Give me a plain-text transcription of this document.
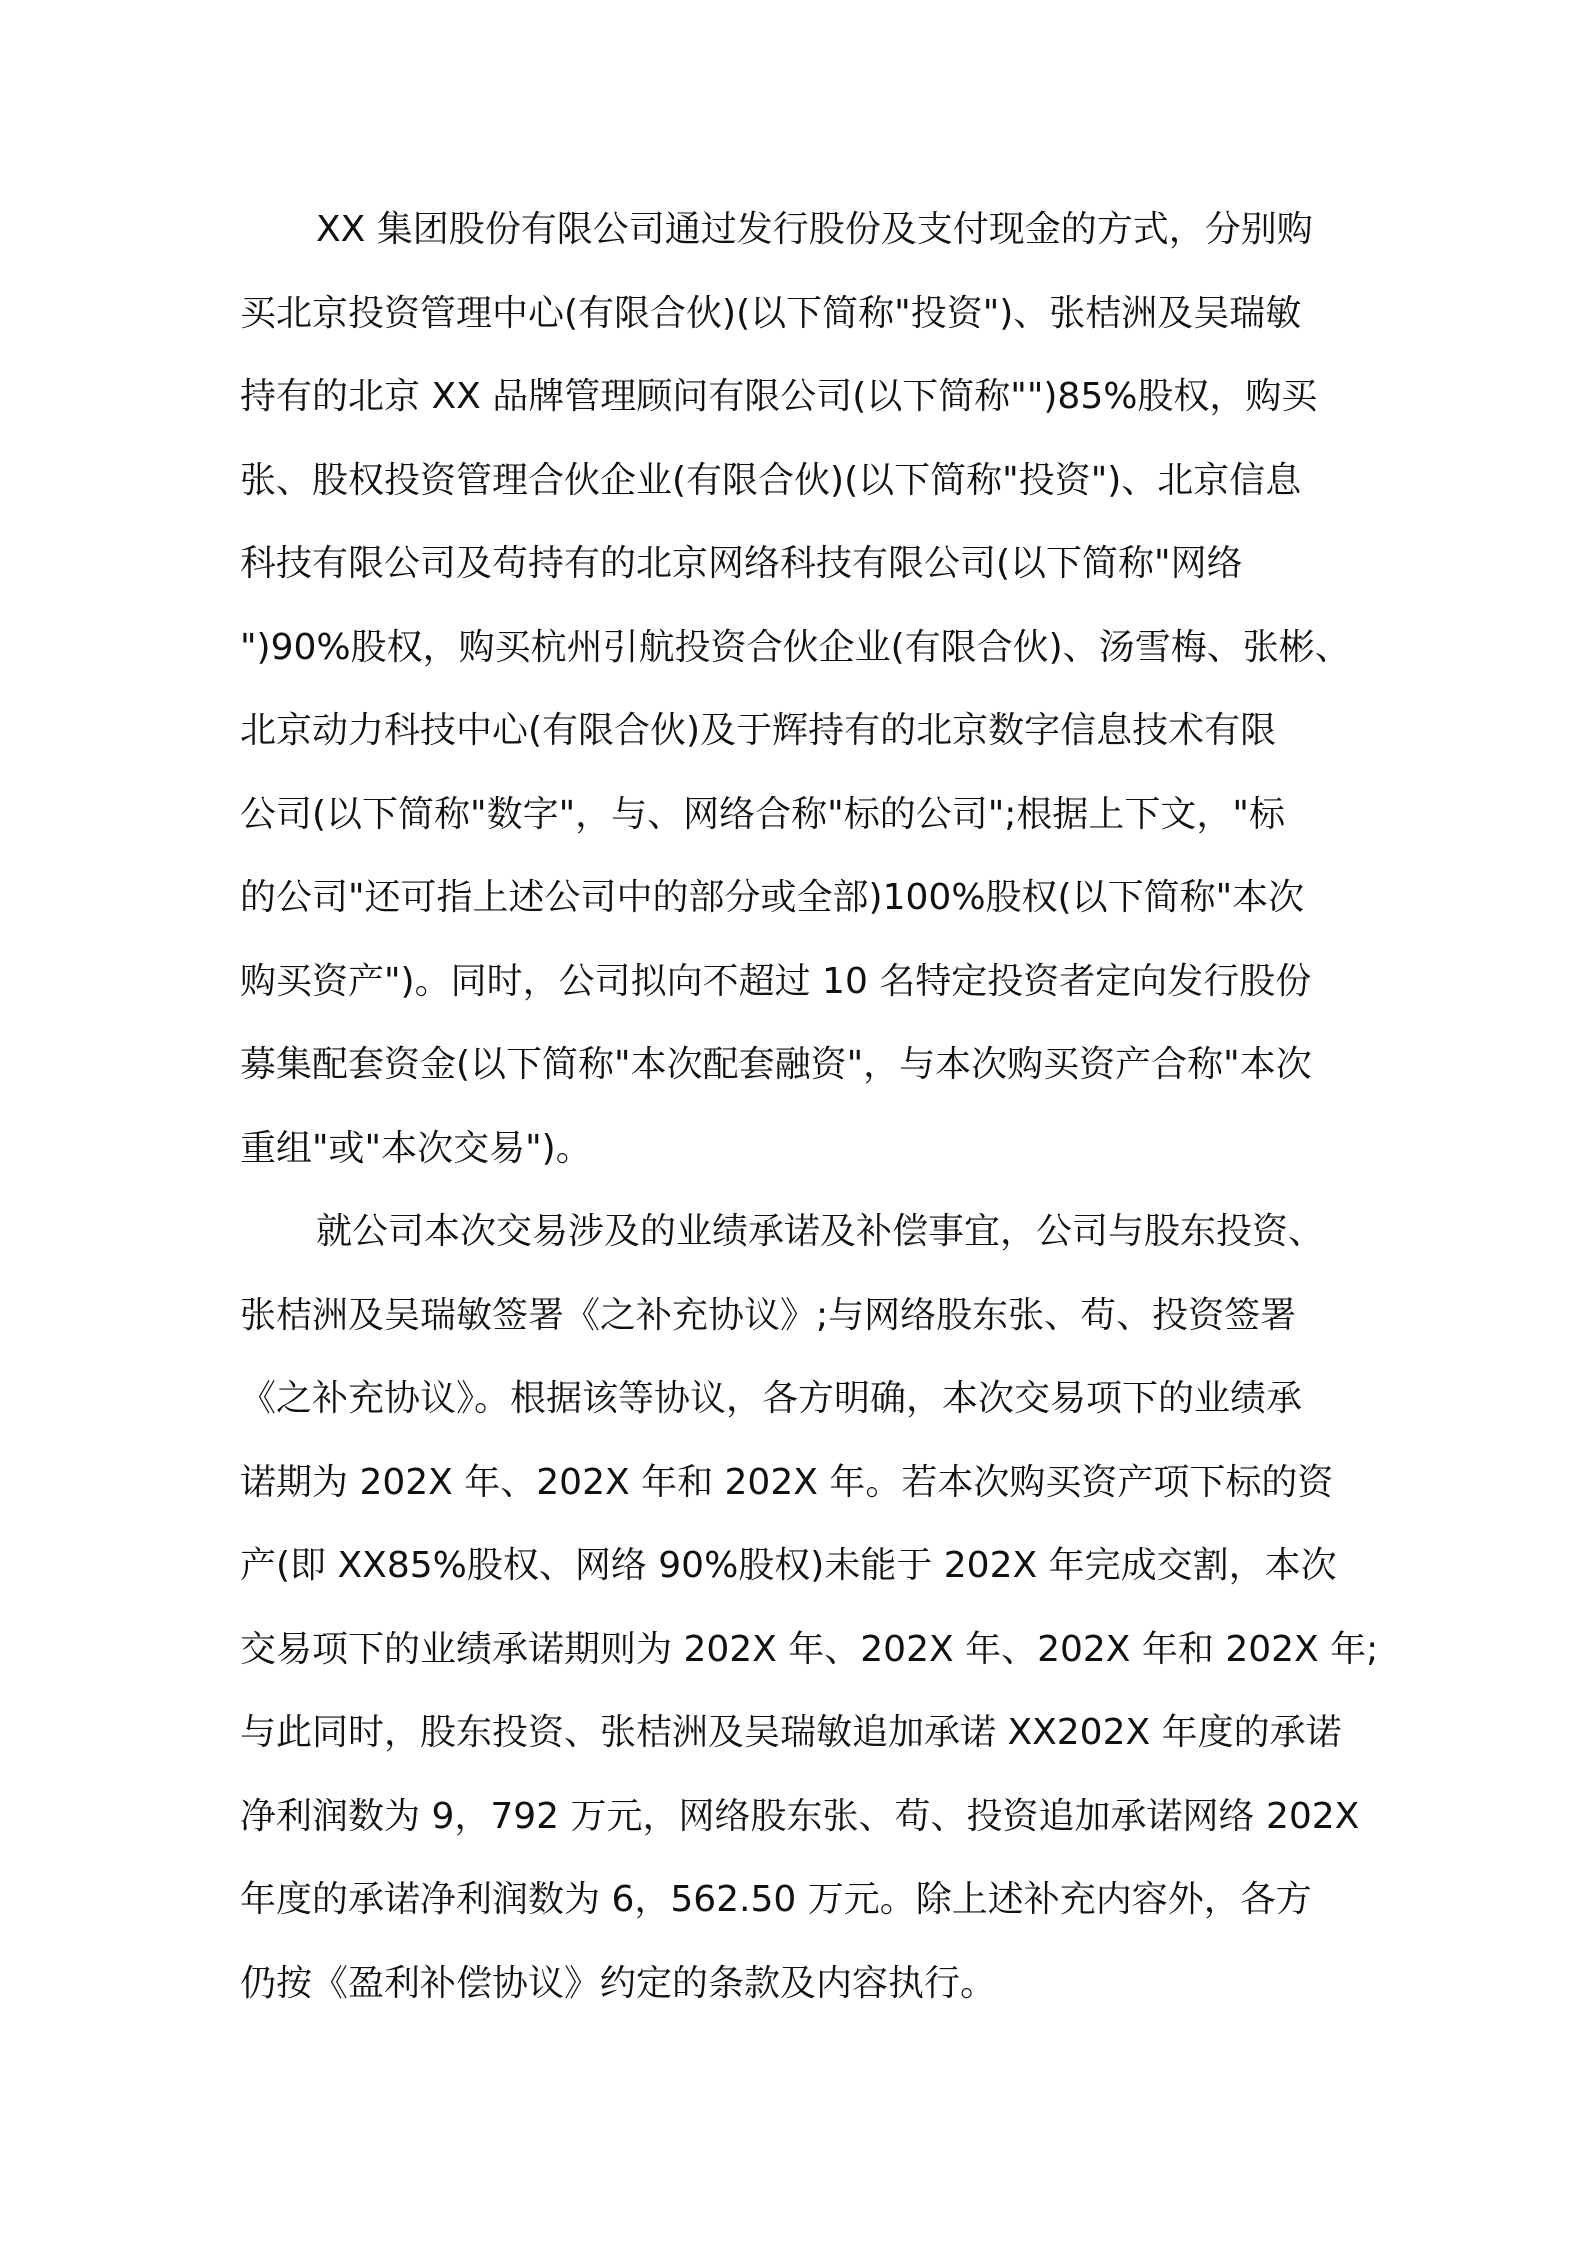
XX 集团股份有限公司通过发行股份及支付现金的方式，分别购
买北京投资管理中心(有限合伙)(以下简称"投资")、张桔洲及吴瑞敏
持有的北京 XX 品牌管理顾问有限公司(以下简称"")85%股权，购买
张、股权投资管理合伙企业(有限合伙)(以下简称"投资")、北京信息
科技有限公司及苟持有的北京网络科技有限公司(以下简称"网络
")90%股权，购买杭州引航投资合伙企业(有限合伙)、汤雪梅、张彬、
北京动力科技中心(有限合伙)及于辉持有的北京数字信息技术有限
公司(以下简称"数字"，与、网络合称"标的公司";根据上下文，"标
的公司"还可指上述公司中的部分或全部)100%股权(以下简称"本次
购买资产")。同时，公司拟向不超过 10 名特定投资者定向发行股份
募集配套资金(以下简称"本次配套融资"，与本次购买资产合称"本次
重组"或"本次交易")。
就公司本次交易涉及的业绩承诺及补偿事宜，公司与股东投资、
张桔洲及吴瑞敏签署《之补充协议》;与网络股东张、苟、投资签署
《之补充协议》。根据该等协议，各方明确，本次交易项下的业绩承
诺期为 202X 年、202X 年和 202X 年。若本次购买资产项下标的资
产(即 XX85%股权、网络 90%股权)未能于 202X 年完成交割，本次
交易项下的业绩承诺期则为 202X 年、202X 年、202X 年和 202X 年;
与此同时，股东投资、张桔洲及吴瑞敏追加承诺 XX202X 年度的承诺
净利润数为 9，792 万元，网络股东张、苟、投资追加承诺网络 202X
年度的承诺净利润数为 6，562.50 万元。除上述补充内容外，各方
仍按《盈利补偿协议》约定的条款及内容执行。
